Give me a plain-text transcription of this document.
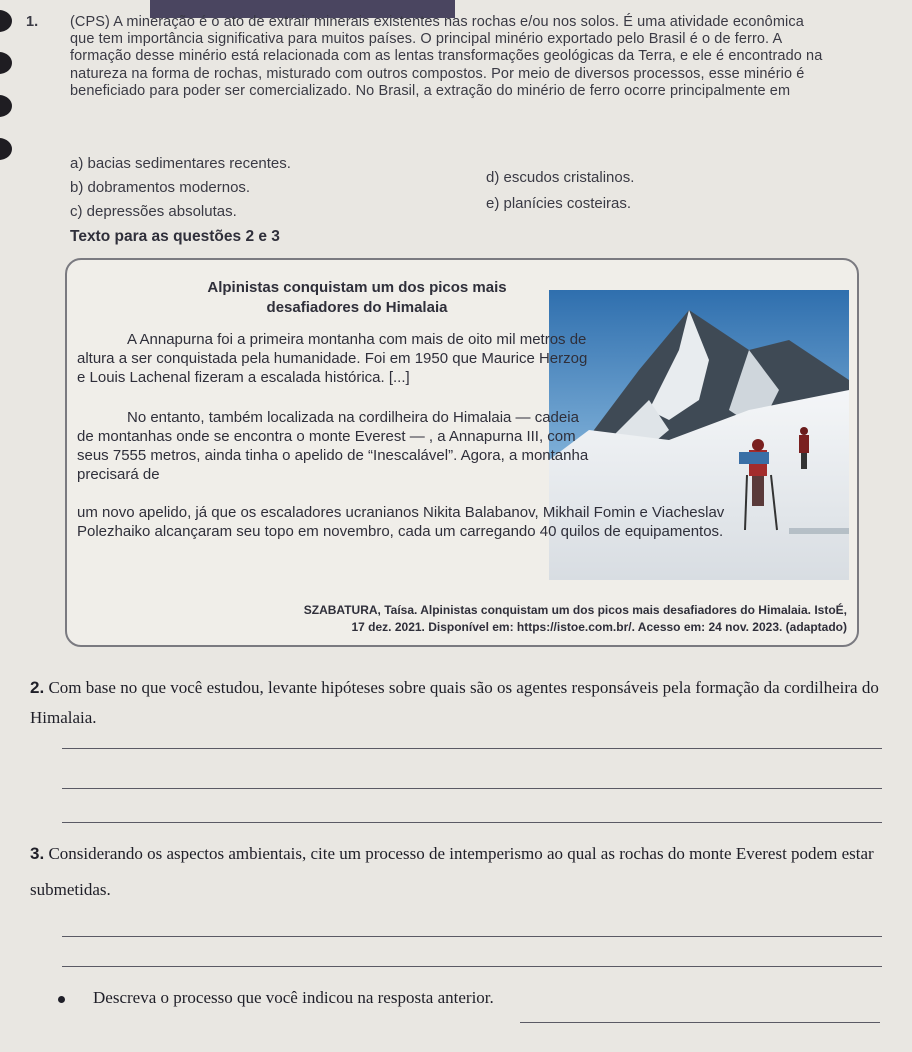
1. (CPS) A mineração é o ato de extrair minerais existentes nas rochas e/ou nos solos. É uma atividade econômica que tem importância significativa para muitos países. O principal minério exportado pelo Brasil é o de ferro. A formação desse minério está relacionada com as lentas transformações geológicas da Terra, e ele é encontrado na natureza na forma de rochas, misturado com outros compostos. Por meio de diversos processos, esse minério é beneficiado para poder ser comercializado. No Brasil, a extração do minério de ferro ocorre principalmente em
a) bacias sedimentares recentes.
b) dobramentos modernos.
c) depressões absolutas.
d) escudos cristalinos.
e) planícies costeiras.
Texto para as questões 2 e 3
Alpinistas conquistam um dos picos mais desafiadores do Himalaia
A Annapurna foi a primeira montanha com mais de oito mil metros de altura a ser conquistada pela humanidade. Foi em 1950 que Maurice Herzog e Louis Lachenal fizeram a escalada histórica. [...]
No entanto, também localizada na cordilheira do Himalaia — cadeia de montanhas onde se encontra o monte Everest — , a Annapurna III, com seus 7555 metros, ainda tinha o apelido de “Inescalável”. Agora, a montanha precisará de
um novo apelido, já que os escaladores ucranianos Nikita Balabanov, Mikhail Fomin e Viacheslav Polezhaiko alcançaram seu topo em novembro, cada um carregando 40 quilos de equipamentos.
SZABATURA, Taísa. Alpinistas conquistam um dos picos mais desafiadores do Himalaia. IstoÉ,
17 dez. 2021. Disponível em: https://istoe.com.br/. Acesso em: 24 nov. 2023. (adaptado)
2. Com base no que você estudou, levante hipóteses sobre quais são os agentes responsáveis pela formação da cordilheira do Himalaia.
3. Considerando os aspectos ambientais, cite um processo de intemperismo ao qual as rochas do monte Everest podem estar submetidas.
Descreva o processo que você indicou na resposta anterior.
